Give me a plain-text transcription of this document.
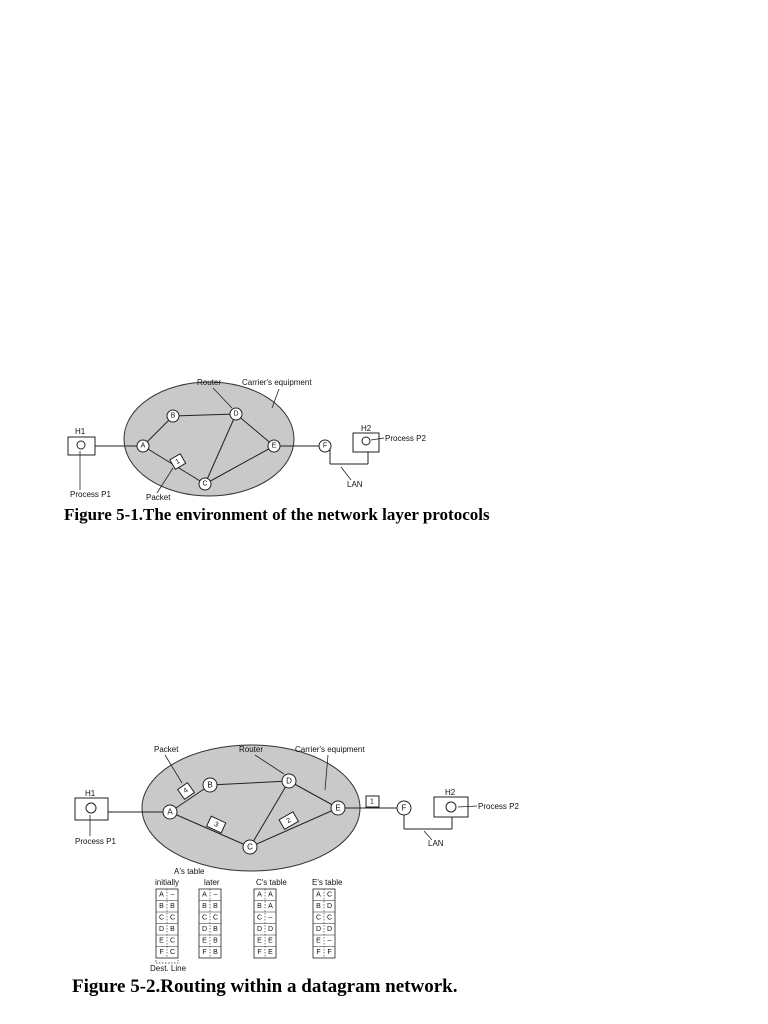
H1	H2
A
B	D
E
C
F
1
Router	Carrier's equipment
Process P1
Process P2
Packet
LAN
H1	H2
A
B	D
E
C
F
4
3	2
1
Packet	Router	Carrier's equipment
Process P1
Process P2
LAN
A's table
initially	later	C's table	E's table
Dest. Line
A –
B B
C C
D B
E C
F C
A –
B B
C C
D B
E B
F B
A A
B A
C –
D D
E E
F E
A C
B D
C C
D D
E –
F F
Figure 5-1.The environment of the network layer protocols
Figure 5-2.Routing within a datagram network.
